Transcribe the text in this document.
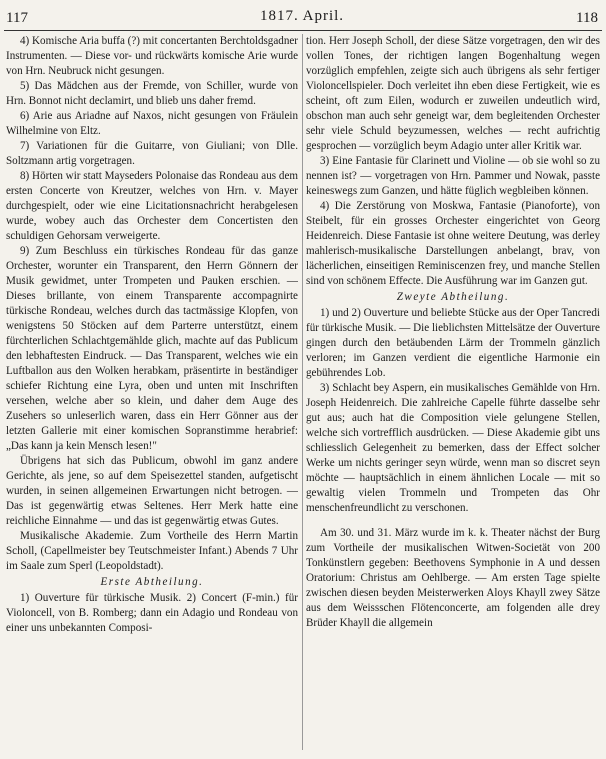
117	1817. April.	118

4) Komische Aria buffa (?) mit concertanten Berchtoldsgadner Instrumenten. — Diese vor- und rückwärts komische Arie wurde von Hrn. Neubruck nicht gesungen.

5) Das Mädchen aus der Fremde, von Schiller, wurde von Hrn. Bonnot nicht declamirt, und blieb uns daher fremd.

6) Arie aus Ariadne auf Naxos, nicht gesungen von Fräulein Wilhelmine von Eltz.

7) Variationen für die Guitarre, von Giuliani; von Dlle. Soltzmann artig vorgetragen.

8) Hörten wir statt Mayseders Polonaise das Rondeau aus dem ersten Concerte von Kreutzer, welches von Hrn. v. Mayer durchgespielt, oder wie eine Licitationsnachricht herabgelesen wurde, wobey auch das Orchester dem Concertisten den schuldigen Gehorsam verweigerte.

9) Zum Beschluss ein türkisches Rondeau für das ganze Orchester, worunter ein Transparent, den Herrn Gönnern der Musik gewidmet, unter Trompeten und Pauken erschien. — Dieses brillante, von einem Transparente accompagnirte türkische Rondeau, welches durch das tactmässige Klopfen, von wenigstens 50 Stöcken auf dem Parterre unterstützt, einem fürchterlichen Schlachtgemählde glich, machte auf das Publicum den lebhaftesten Eindruck. — Das Transparent, welches wie ein Luftballon aus den Wolken herabkam, präsentirte in beständiger schiefer Richtung eine Lyra, oben und unten mit Inschriften versehen, welche aber so klein, und daher dem Auge des Zusehers so unleserlich waren, dass ein Herr Gönner aus der letzten Gallerie mit einer komischen Sopranstimme herabrief: „Das kann ja kein Mensch lesen!"

Übrigens hat sich das Publicum, obwohl im ganz andere Gerichte, als jene, so auf dem Speisezettel standen, aufgetischt wurden, in seinen allgemeinen Erwartungen nicht betrogen. — Das ist gegenwärtig etwas Seltenes. Herr Merk hatte eine reichliche Einnahme — und das ist gegenwärtig etwas Gutes.

Musikalische Akademie. Zum Vortheile des Herrn Martin Scholl, (Capellmeister bey Teutschmeister Infant.) Abends 7 Uhr im Saale zum Sperl (Leopoldstadt).

Erste Abtheilung.

1) Ouverture für türkische Musik. 2) Concert (F-min.) für Violoncell, von B. Romberg; dann ein Adagio und Rondeau von einer uns unbekannten Composi-

tion. Herr Joseph Scholl, der diese Sätze vorgetragen, den wir des vollen Tones, der richtigen langen Bogenhaltung wegen vorzüglich empfehlen, zeigte sich auch übrigens als sehr fertiger Violoncellspieler. Doch verleitet ihn eben diese Fertigkeit, wie es scheint, oft zum Eilen, wodurch er zuweilen undeutlich wird, obschon man auch sehr geneigt war, dem begleitenden Orchester sehr viele Schuld beyzumessen, welches — recht aufrichtig gesprochen — vorzüglich beym Adagio unter aller Kritik war.

3) Eine Fantasie für Clarinett und Violine — ob sie wohl so zu nennen ist? — vorgetragen von Hrn. Pammer und Nowak, passte keineswegs zum Ganzen, und hätte füglich wegbleiben können.

4) Die Zerstörung von Moskwa, Fantasie (Pianoforte), von Steibelt, für ein grosses Orchester eingerichtet von Georg Heidenreich. Diese Fantasie ist ohne weitere Deutung, was derley mahlerisch-musikalische Darstellungen anbelangt, brav, von lächerlichen, einseitigen Reminiscenzen frey, und manche Stellen sind von schönem Effecte. Die Ausführung war im Ganzen gut.

Zweyte Abtheilung.

1) und 2) Ouverture und beliebte Stücke aus der Oper Tancredi für türkische Musik. — Die lieblichsten Mittelsätze der Ouverture gingen durch den betäubenden Lärm der Trommeln gänzlich verloren; im Ganzen verdient die eigentliche Harmonie ein gebührendes Lob.

3) Schlacht bey Aspern, ein musikalisches Gemählde von Hrn. Joseph Heidenreich. Die zahlreiche Capelle führte dasselbe sehr gut aus; auch hat die Composition viele gelungene Stellen, welche sich vortrefflich ausdrücken. — Diese Akademie gibt uns schliesslich Gelegenheit zu bemerken, dass der Effect solcher Werke um nichts geringer seyn würde, wenn man so discret seyn möchte — hauptsächlich in einem ähnlichen Locale — mit so gewaltig vielen Trommeln und Trompeten das Ohr menschenfreundlicht zu verschonen.

Am 30. und 31. März wurde im k. k. Theater nächst der Burg zum Vortheile der musikalischen Witwen-Societät von 200 Tonkünstlern gegeben: Beethovens Symphonie in A und dessen Oratorium: Christus am Oehlberge. — Am ersten Tage spielte zwischen diesen beyden Meisterwerken Aloys Khayll zwey Sätze aus dem Weissschen Flötenconcerte, am folgenden alle drey Brüder Khayll die allgemein
